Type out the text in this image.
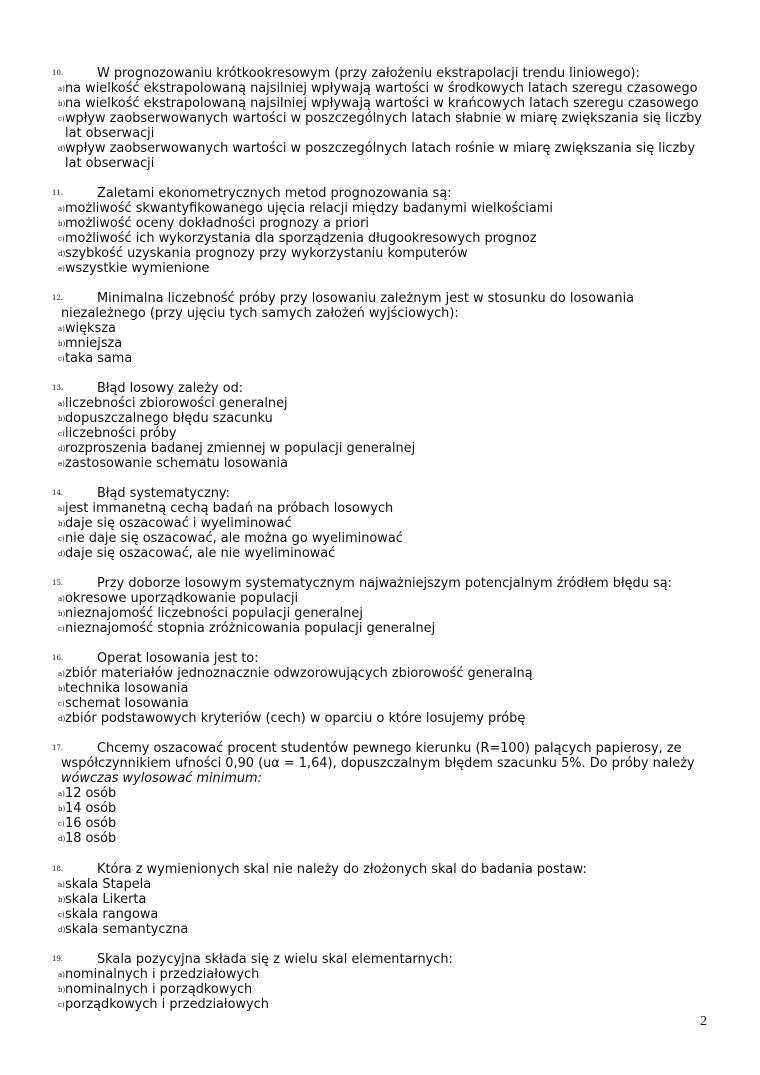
10.	W prognozowaniu krótkookresowym (przy założeniu ekstrapolacji trendu liniowego):
a) na wielkość ekstrapolowaną najsilniej wpływają wartości w środkowych latach szeregu czasowego
b) na wielkość ekstrapolowaną najsilniej wpływają wartości w krańcowych latach szeregu czasowego
c) wpływ zaobserwowanych wartości w poszczególnych latach słabnie w miarę zwiększania się liczby
lat obserwacji
d) wpływ zaobserwowanych wartości w poszczególnych latach rośnie w miarę zwiększania się liczby
lat obserwacji
11.	Zaletami ekonometrycznych metod prognozowania są:
a) możliwość skwantyfikowanego ujęcia relacji między badanymi wielkościami
b) możliwość oceny dokładności prognozy a priori
c) możliwość ich wykorzystania dla sporządzenia długookresowych prognoz
d) szybkość uzyskania prognozy przy wykorzystaniu komputerów
e) wszystkie wymienione
12.	Minimalna liczebność próby przy losowaniu zależnym jest w stosunku do losowania
niezależnego (przy ujęciu tych samych założeń wyjściowych):
a) większa
b) mniejsza
c) taka sama
13.	Błąd losowy zależy od:
a) liczebności zbiorowości generalnej
b) dopuszczalnego błędu szacunku
c) liczebności próby
d) rozproszenia badanej zmiennej w populacji generalnej
e) zastosowanie schematu losowania
14.	Błąd systematyczny:
a) jest immanetną cechą badań na próbach losowych
b) daje się oszacować i wyeliminować
c) nie daje się oszacować, ale można go wyeliminować
d) daje się oszacować, ale nie wyeliminować
15.	Przy doborze losowym systematycznym najważniejszym potencjalnym źródłem błędu są:
a) okresowe uporządkowanie populacji
b) nieznajomość liczebności populacji generalnej
c) nieznajomość stopnia zróżnicowania populacji generalnej
16.	Operat losowania jest to:
a) zbiór materiałów jednoznacznie odwzorowujących zbiorowość generalną
b) technika losowania
c) schemat losowania
d) zbiór podstawowych kryteriów (cech) w oparciu o które losujemy próbę
17.	Chcemy oszacować procent studentów pewnego kierunku (R=100) palących papierosy, ze
współczynnikiem ufności 0,90 (uα = 1,64), dopuszczalnym błędem szacunku 5%. Do próby należy
wówczas wylosować minimum:
a) 12 osób
b) 14 osób
c) 16 osób
d) 18 osób
18.	Która z wymienionych skal nie należy do złożonych skal do badania postaw:
a) skala Stapela
b) skala Likerta
c) skala rangowa
d) skala semantyczna
19.	Skala pozycyjna składa się z wielu skal elementarnych:
a) nominalnych i przedziałowych
b) nominalnych i porządkowych
c) porządkowych i przedziałowych
2
